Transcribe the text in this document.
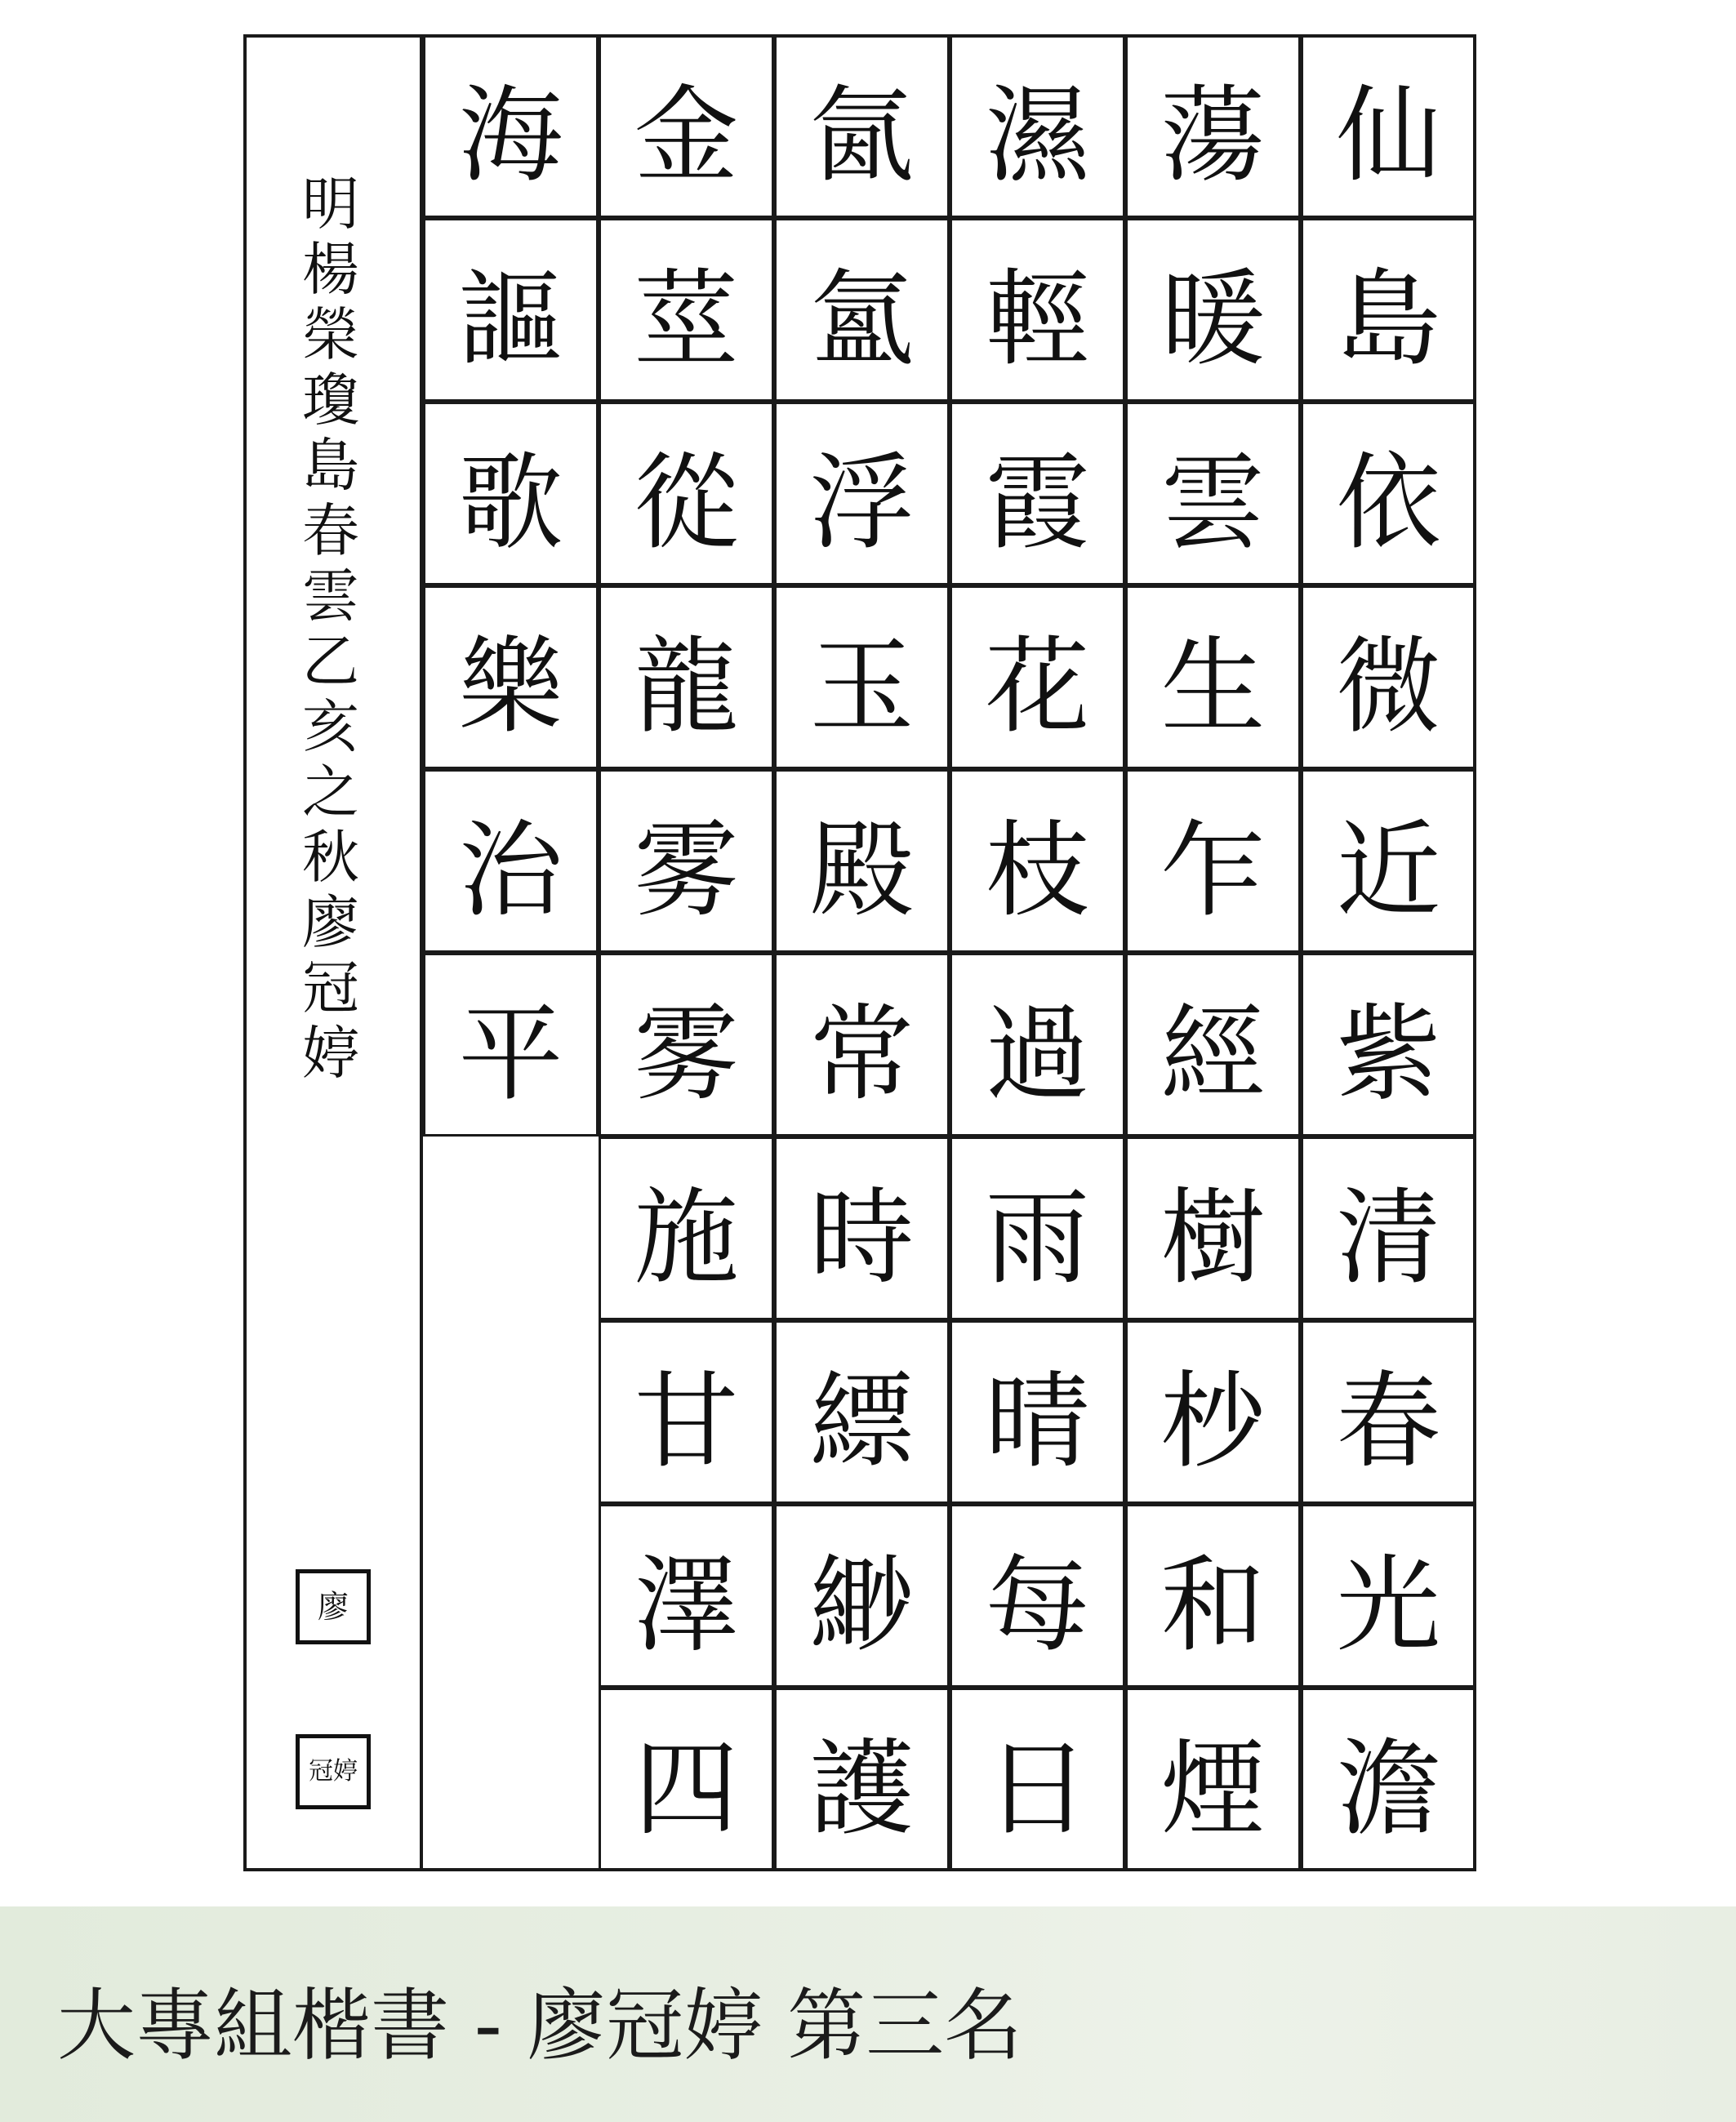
明
楊
榮
瓊
島
春
雲
乙
亥
之
秋
廖
冠
婷
廖
冠婷
仙
島
依
微
近
紫
清
春
光
澹
蕩
暖
雲
生
乍
經
樹
杪
和
煙
濕
輕
霞
花
枝
過
雨
晴
每
日
氤
氳
浮
玉
殿
常
時
縹
緲
護
金
莖
從
龍
雾
雾
施
甘
澤
四
海
謳
歌
樂
治
平
大專組楷書 - 廖冠婷 第三名
